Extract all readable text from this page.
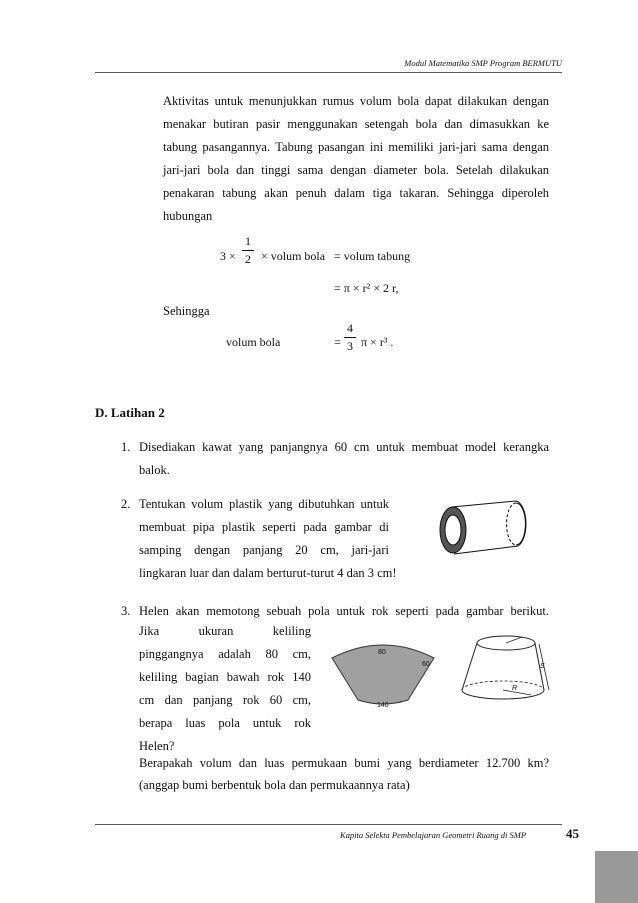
Modul Matematika SMP Program BERMUTU
Aktivitas untuk menunjukkan rumus volum bola dapat dilakukan dengan
menakar butiran pasir menggunakan setengah bola dan dimasukkan ke
tabung pasangannya. Tabung pasangan ini memiliki jari-jari sama dengan
jari-jari bola dan tinggi sama dengan diameter bola. Setelah dilakukan
penakaran tabung akan penuh dalam tiga takaran. Sehingga diperoleh
hubungan
3 ×
1
2 × volum bola = volum tabung
= π × r² × 2 r,
Sehingga
volum bola	=
4
3 π × r³ .
D. Latihan 2
1. Disediakan kawat yang panjangnya 60 cm untuk membuat model kerangka
balok.
2. Tentukan volum plastik yang dibutuhkan untuk
membuat pipa plastik seperti pada gambar di
samping dengan panjang 20 cm, jari-jari
lingkaran luar dan dalam berturut-turut 4 dan 3 cm!
3. Helen akan memotong sebuah pola untuk rok seperti pada gambar berikut.
Jika ukuran keliling
pinggangnya adalah 80 cm,
keliling bagian bawah rok 140
cm dan panjang rok 60 cm,
berapa luas pola untuk rok
Helen?
80
60
140
S
R
Berapakah volum dan luas permukaan bumi yang berdiameter 12.700 km?
(anggap bumi berbentuk bola dan permukaannya rata)
Kapita Selekta Pembelajaran Geometri Ruang di SMP	45
